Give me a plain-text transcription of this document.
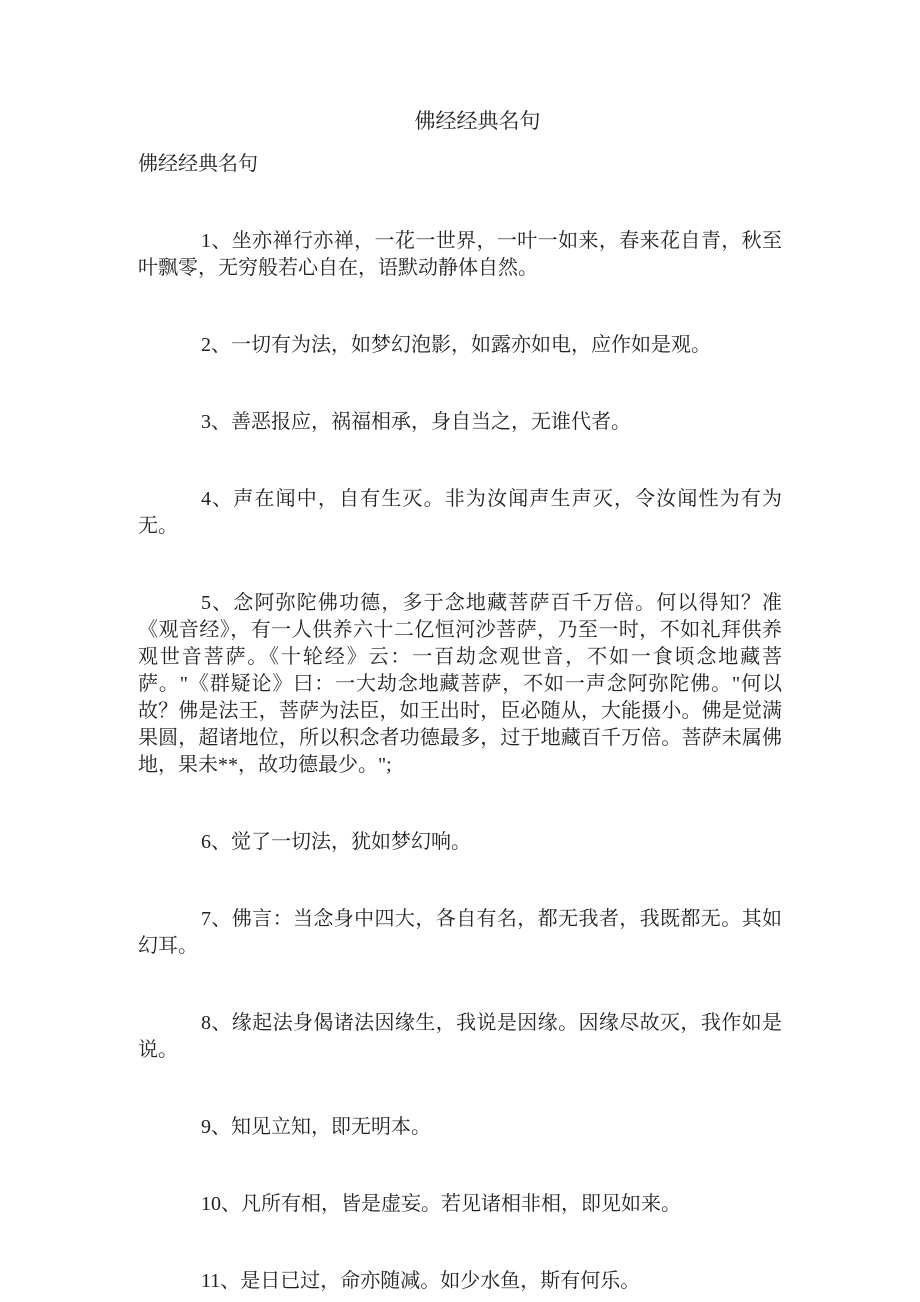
佛经经典名句

佛经经典名句

1、坐亦禅行亦禅，一花一世界，一叶一如来，春来花自青，秋至叶飘零，无穷般若心自在，语默动静体自然。

2、一切有为法，如梦幻泡影，如露亦如电，应作如是观。

3、善恶报应，祸福相承，身自当之，无谁代者。

4、声在闻中，自有生灭。非为汝闻声生声灭，令汝闻性为有为无。

5、念阿弥陀佛功德，多于念地藏菩萨百千万倍。何以得知？准《观音经》，有一人供养六十二亿恒河沙菩萨，乃至一时，不如礼拜供养观世音菩萨。《十轮经》云：一百劫念观世音，不如一食顷念地藏菩萨。"《群疑论》曰：一大劫念地藏菩萨，不如一声念阿弥陀佛。"何以故？佛是法王，菩萨为法臣，如王出时，臣必随从，大能摄小。佛是觉满果圆，超诸地位，所以积念者功德最多，过于地藏百千万倍。菩萨未属佛地，果未**，故功德最少。";

6、觉了一切法，犹如梦幻响。

7、佛言：当念身中四大，各自有名，都无我者，我既都无。其如幻耳。

8、缘起法身偈诸法因缘生，我说是因缘。因缘尽故灭，我作如是说。

9、知见立知，即无明本。

10、凡所有相，皆是虚妄。若见诸相非相，即见如来。

11、是日已过，命亦随减。如少水鱼，斯有何乐。
